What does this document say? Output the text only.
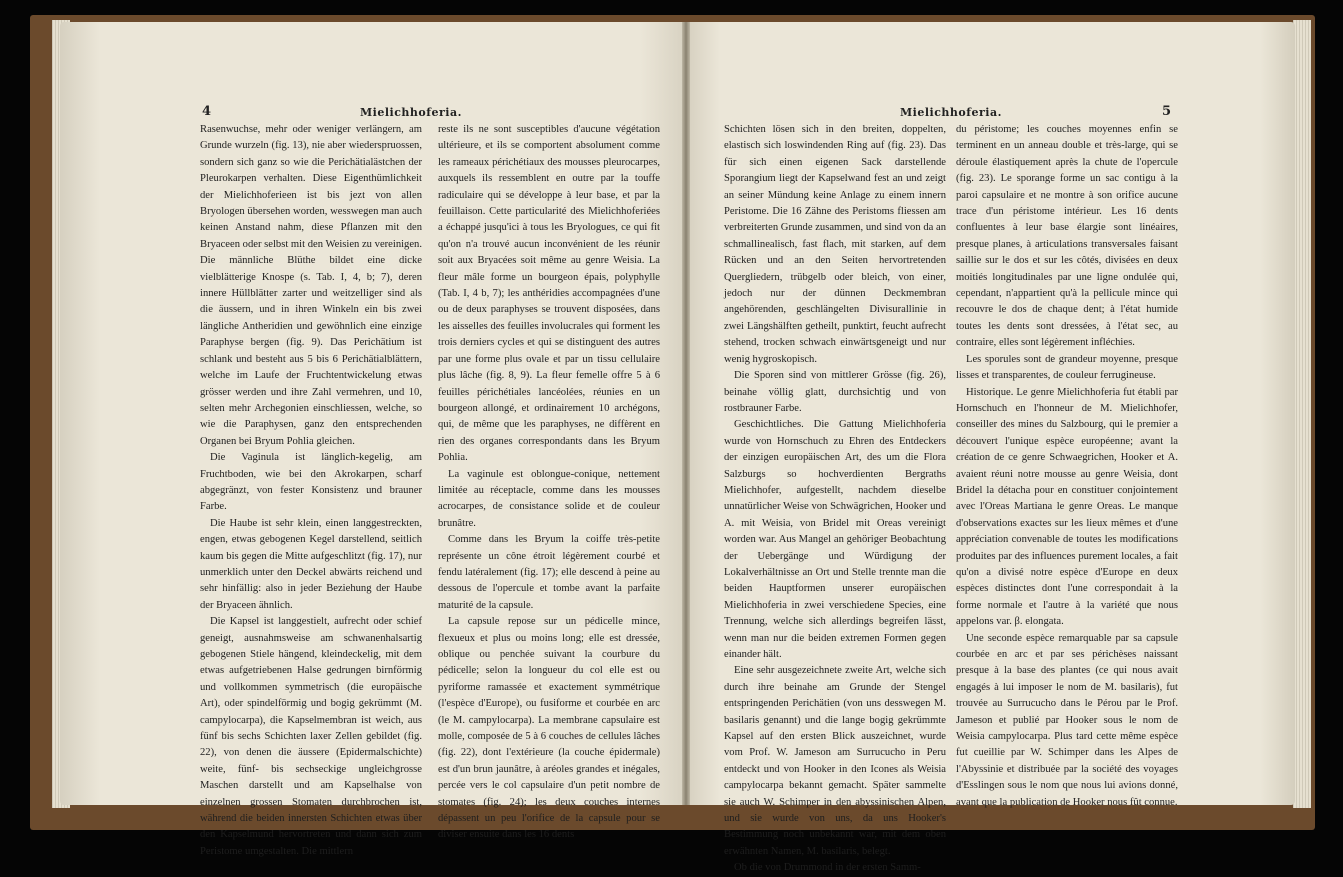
4	Mielichhoferia.

Rasenwuchse, mehr oder weniger verlängern, am Grunde wurzeln (fig. 13), nie aber wiederspruossen, sondern sich ganz so wie die Perichätialästchen der Pleurokarpen verhalten. Diese Eigenthümlichkeit der Mielichhoferieen ist bis jezt von allen Bryologen übersehen worden, wesswegen man auch keinen Anstand nahm, diese Pflanzen mit den Bryaceen oder selbst mit den Weisien zu vereinigen. Die männliche Blüthe bildet eine dicke vielblätterige Knospe (s. Tab. I, 4, b; 7), deren innere Hüllblätter zarter und weitzelliger sind als die äussern, und in ihren Winkeln ein bis zwei längliche Antheridien und gewöhnlich eine einzige Paraphyse bergen (fig. 9). Das Perichätium ist schlank und besteht aus 5 bis 6 Perichätialblättern, welche im Laufe der Fruchtentwickelung etwas grösser werden und ihre Zahl vermehren, und 10, selten mehr Archegonien einschliessen, welche, so wie die Paraphysen, ganz den entsprechenden Organen bei Bryum Pohlia gleichen.

Die Vaginula ist länglich-kegelig, am Fruchtboden, wie bei den Akrokarpen, scharf abgegränzt, von fester Konsistenz und brauner Farbe.

Die Haube ist sehr klein, einen langgestreckten, engen, etwas gebogenen Kegel darstellend, seitlich kaum bis gegen die Mitte aufgeschlitzt (fig. 17), nur unmerklich unter den Deckel abwärts reichend und sehr hinfällig: also in jeder Beziehung der Haube der Bryaceen ähnlich.

Die Kapsel ist langgestielt, aufrecht oder schief geneigt, ausnahmsweise am schwanenhalsartig gebogenen Stiele hängend, kleindeckelig, mit dem etwas aufgetriebenen Halse gedrungen birnförmig und vollkommen symmetrisch (die europäische Art), oder spindelförmig und bogig gekrümmt (M. campylocarpa), die Kapselmembran ist weich, aus fünf bis sechs Schichten laxer Zellen gebildet (fig. 22), von denen die äussere (Epidermalschichte) weite, fünf- bis sechseckige ungleichgrosse Maschen darstellt und am Kapselhalse von einzelnen grossen Stomaten durchbrochen ist, während die beiden innersten Schichten etwas über den Kapselmund hervortreten und dann sich zum Peristome umgestalten. Die mittlern

reste ils ne sont susceptibles d'aucune végétation ultérieure, et ils se comportent absolument comme les rameaux périchétiaux des mousses pleurocarpes, auxquels ils ressemblent en outre par la touffe radiculaire qui se développe à leur base, et par la feuillaison. Cette particularité des Mielichhoferiées a échappé jusqu'ici à tous les Bryologues, ce qui fit qu'on n'a trouvé aucun inconvénient de les réunir soit aux Bryacées soit même au genre Weisia. La fleur mâle forme un bourgeon épais, polyphylle (Tab. I, 4 b, 7); les anthéridies accompagnées d'une ou de deux paraphyses se trouvent disposées, dans les aisselles des feuilles involucrales qui forment les trois derniers cycles et qui se distinguent des autres par une forme plus ovale et par un tissu cellulaire plus lâche (fig. 8, 9). La fleur femelle offre 5 à 6 feuilles périchétiales lancéolées, réunies en un bourgeon allongé, et ordinairement 10 archégons, qui, de même que les paraphyses, ne diffèrent en rien des organes correspondants dans les Bryum Pohlia.

La vaginule est oblongue-conique, nettement limitée au réceptacle, comme dans les mousses acrocarpes, de consistance solide et de couleur brunâtre.

Comme dans les Bryum la coiffe très-petite représente un cône étroit légèrement courbé et fendu latéralement (fig. 17); elle descend à peine au dessous de l'opercule et tombe avant la parfaite maturité de la capsule.

La capsule repose sur un pédicelle mince, flexueux et plus ou moins long; elle est dressée, oblique ou penchée suivant la courbure du pédicelle; selon la longueur du col elle est ou pyriforme ramassée et exactement symmétrique (l'espèce d'Europe), ou fusiforme et courbée en arc (le M. campylocarpa). La membrane capsulaire est molle, composée de 5 à 6 couches de cellules lâches (fig. 22), dont l'extérieure (la couche épidermale) est d'un brun jaunâtre, à aréoles grandes et inégales, percée vers le col capsulaire d'un petit nombre de stomates (fig. 24); les deux couches internes dépassent un peu l'orifice de la capsule pour se diviser ensuite dans les 16 dents

Mielichhoferia.	5

Schichten lösen sich in den breiten, doppelten, elastisch sich loswindenden Ring auf (fig. 23). Das für sich einen eigenen Sack darstellende Sporangium liegt der Kapselwand fest an und zeigt an seiner Mündung keine Anlage zu einem innern Peristome. Die 16 Zähne des Peristoms fliessen am verbreiterten Grunde zusammen, und sind von da an schmallinealisch, fast flach, mit starken, auf dem Rücken und an den Seiten hervortretenden Quergliedern, trübgelb oder bleich, von einer, jedoch nur der dünnen Deckmembran angehörenden, geschlängelten Divisurallinie in zwei Längshälften getheilt, punktirt, feucht aufrecht stehend, trocken schwach einwärtsgeneigt und nur wenig hygroskopisch.

Die Sporen sind von mittlerer Grösse (fig. 26), beinahe völlig glatt, durchsichtig und von rostbrauner Farbe.

Geschichtliches. Die Gattung Mielichhoferia wurde von Hornschuch zu Ehren des Entdeckers der einzigen europäischen Art, des um die Flora Salzburgs so hochverdienten Bergraths Mielichhofer, aufgestellt, nachdem dieselbe unnatürlicher Weise von Schwägrichen, Hooker und A. mit Weisia, von Bridel mit Oreas vereinigt worden war. Aus Mangel an gehöriger Beobachtung der Uebergänge und Würdigung der Lokalverhältnisse an Ort und Stelle trennte man die beiden Hauptformen unserer europäischen Mielichhoferia in zwei verschiedene Species, eine Trennung, welche sich allerdings begreifen lässt, wenn man nur die beiden extremen Formen gegen einander hält.

Eine sehr ausgezeichnete zweite Art, welche sich durch ihre beinahe am Grunde der Stengel entspringenden Perichätien (von uns desswegen M. basilaris genannt) und die lange bogig gekrümmte Kapsel auf den ersten Blick auszeichnet, wurde vom Prof. W. Jameson am Surrucucho in Peru entdeckt und von Hooker in den Icones als Weisia campylocarpa bekannt gemacht. Später sammelte sie auch W. Schimper in den abyssinischen Alpen, und sie wurde von uns, da uns Hooker's Bestimmung noch unbekannt war, mit dem oben erwähnten Namen, M. basilaris, belegt.

Ob die von Drummond in der ersten Samm-

du péristome; les couches moyennes enfin se terminent en un anneau double et très-large, qui se déroule élastiquement après la chute de l'opercule (fig. 23). Le sporange forme un sac contigu à la paroi capsulaire et ne montre à son orifice aucune trace d'un péristome intérieur. Les 16 dents confluentes à leur base élargie sont linéaires, presque planes, à articulations transversales faisant saillie sur le dos et sur les côtés, divisées en deux moitiés longitudinales par une ligne ondulée qui, cependant, n'appartient qu'à la pellicule mince qui recouvre le dos de chaque dent; à l'état humide toutes les dents sont dressées, à l'état sec, au contraire, elles sont légèrement infléchies.

Les sporules sont de grandeur moyenne, presque lisses et transparentes, de couleur ferrugineuse.

Historique. Le genre Mielichhoferia fut établi par Hornschuch en l'honneur de M. Mielichhofer, conseiller des mines du Salzbourg, qui le premier a découvert l'unique espèce européenne; avant la création de ce genre Schwaegrichen, Hooker et A. avaient réuni notre mousse au genre Weisia, dont Bridel la détacha pour en constituer conjointement avec l'Oreas Martiana le genre Oreas. Le manque d'observations exactes sur les lieux mêmes et d'une appréciation convenable de toutes les modifications produites par des influences purement locales, a fait qu'on a divisé notre espèce d'Europe en deux espèces distinctes dont l'une correspondait à la forme normale et l'autre à la variété que nous appelons var. β. elongata.

Une seconde espèce remarquable par sa capsule courbée en arc et par ses périchèses naissant presque à la base des plantes (ce qui nous avait engagés à lui imposer le nom de M. basilaris), fut trouvée au Surrucucho dans le Pérou par le Prof. Jameson et publié par Hooker sous le nom de Weisia campylocarpa. Plus tard cette même espèce fut cueillie par W. Schimper dans les Alpes de l'Abyssinie et distribuée par la société des voyages d'Esslingen sous le nom que nous lui avions donné, avant que la publication de Hooker nous fût connue.
